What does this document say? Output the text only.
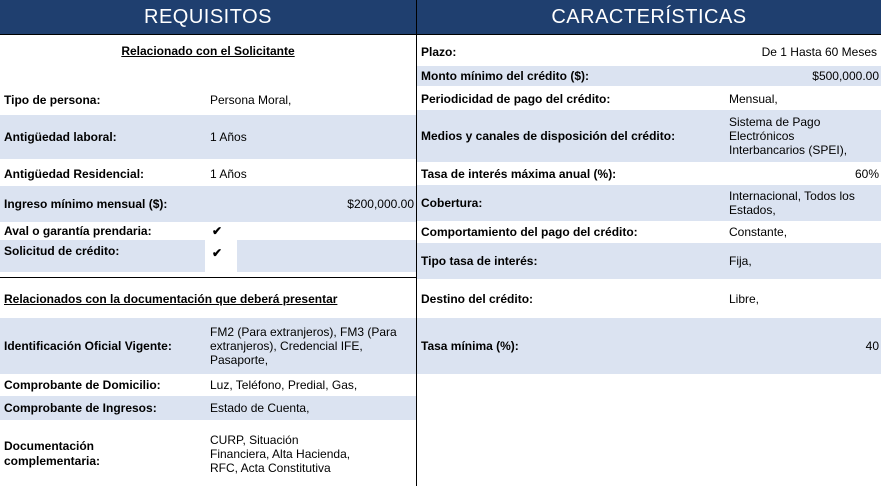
REQUISITOS
Relacionado con el Solicitante
Tipo de persona:	Persona Moral,
Antigüedad laboral:	1 Años
Antigüedad Residencial:	1 Años
Ingreso mínimo mensual ($):	$200,000.00
Aval o garantía prendaria:	✔
Solicitud de crédito:	✔
Relacionados con la documentación que deberá presentar
Identificación Oficial Vigente:
FM2 (Para extranjeros), FM3 (Para extranjeros), Credencial IFE, Pasaporte,
Comprobante de Domicilio:	Luz, Teléfono, Predial, Gas,
Comprobante de Ingresos:	Estado de Cuenta,
Documentación complementaria:
CURP, Situación Financiera, Alta Hacienda, RFC, Acta Constitutiva
CARACTERÍSTICAS
Plazo:	De 1 Hasta 60 Meses
Monto mínimo del crédito ($):	$500,000.00
Periodicidad de pago del crédito:	Mensual,
Medios y canales de disposición del crédito:
Sistema de Pago Electrónicos Interbancarios (SPEI),
Tasa de interés máxima anual (%):	60%
Cobertura:	Internacional, Todos los Estados,
Comportamiento del pago del crédito:	Constante,
Tipo tasa de interés:	Fija,
Destino del crédito:	Libre,
Tasa mínima (%):	40
